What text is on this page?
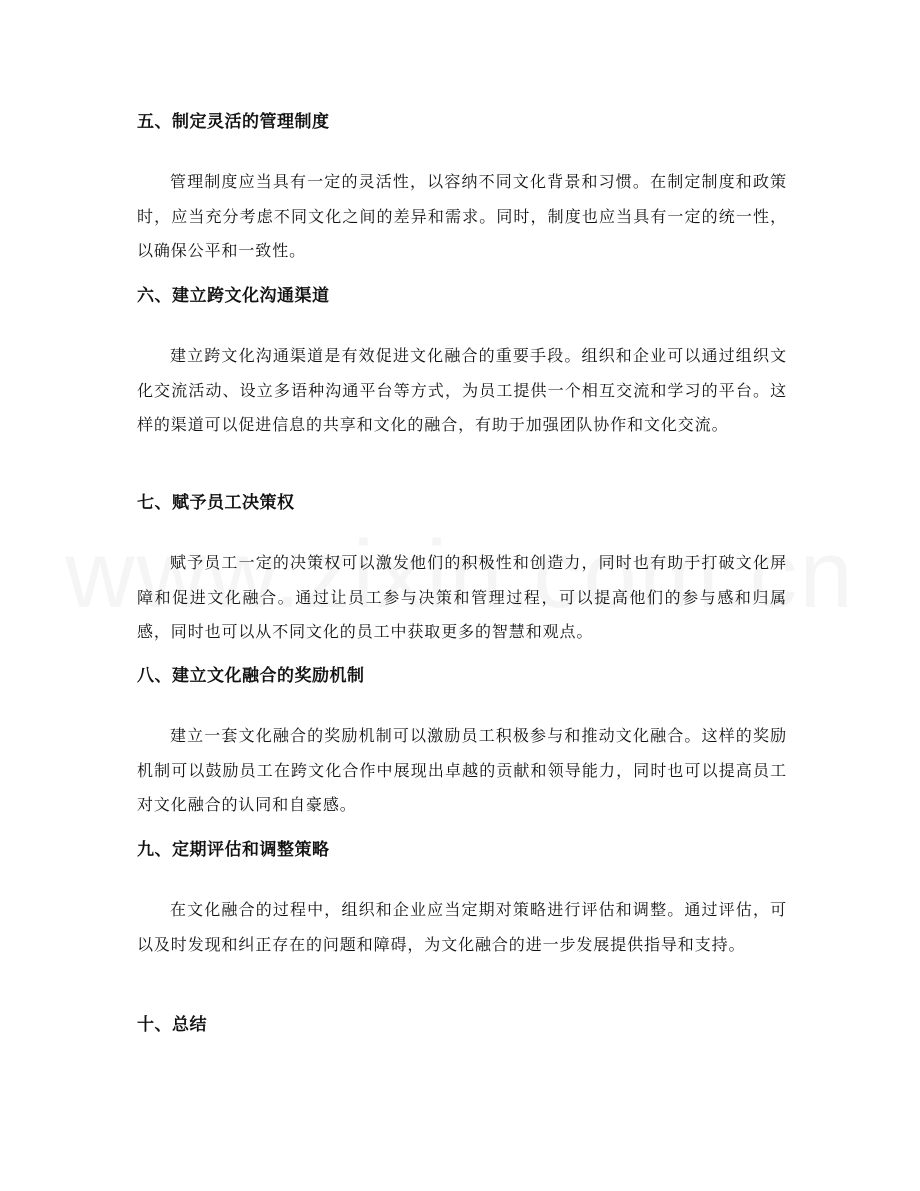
五、制定灵活的管理制度

管理制度应当具有一定的灵活性，以容纳不同文化背景和习惯。在制定制度和政策时，应当充分考虑不同文化之间的差异和需求。同时，制度也应当具有一定的统一性，以确保公平和一致性。

六、建立跨文化沟通渠道

建立跨文化沟通渠道是有效促进文化融合的重要手段。组织和企业可以通过组织文化交流活动、设立多语种沟通平台等方式，为员工提供一个相互交流和学习的平台。这样的渠道可以促进信息的共享和文化的融合，有助于加强团队协作和文化交流。

七、赋予员工决策权

赋予员工一定的决策权可以激发他们的积极性和创造力，同时也有助于打破文化屏障和促进文化融合。通过让员工参与决策和管理过程，可以提高他们的参与感和归属感，同时也可以从不同文化的员工中获取更多的智慧和观点。

八、建立文化融合的奖励机制

建立一套文化融合的奖励机制可以激励员工积极参与和推动文化融合。这样的奖励机制可以鼓励员工在跨文化合作中展现出卓越的贡献和领导能力，同时也可以提高员工对文化融合的认同和自豪感。

九、定期评估和调整策略

在文化融合的过程中，组织和企业应当定期对策略进行评估和调整。通过评估，可以及时发现和纠正存在的问题和障碍，为文化融合的进一步发展提供指导和支持。

十、总结
